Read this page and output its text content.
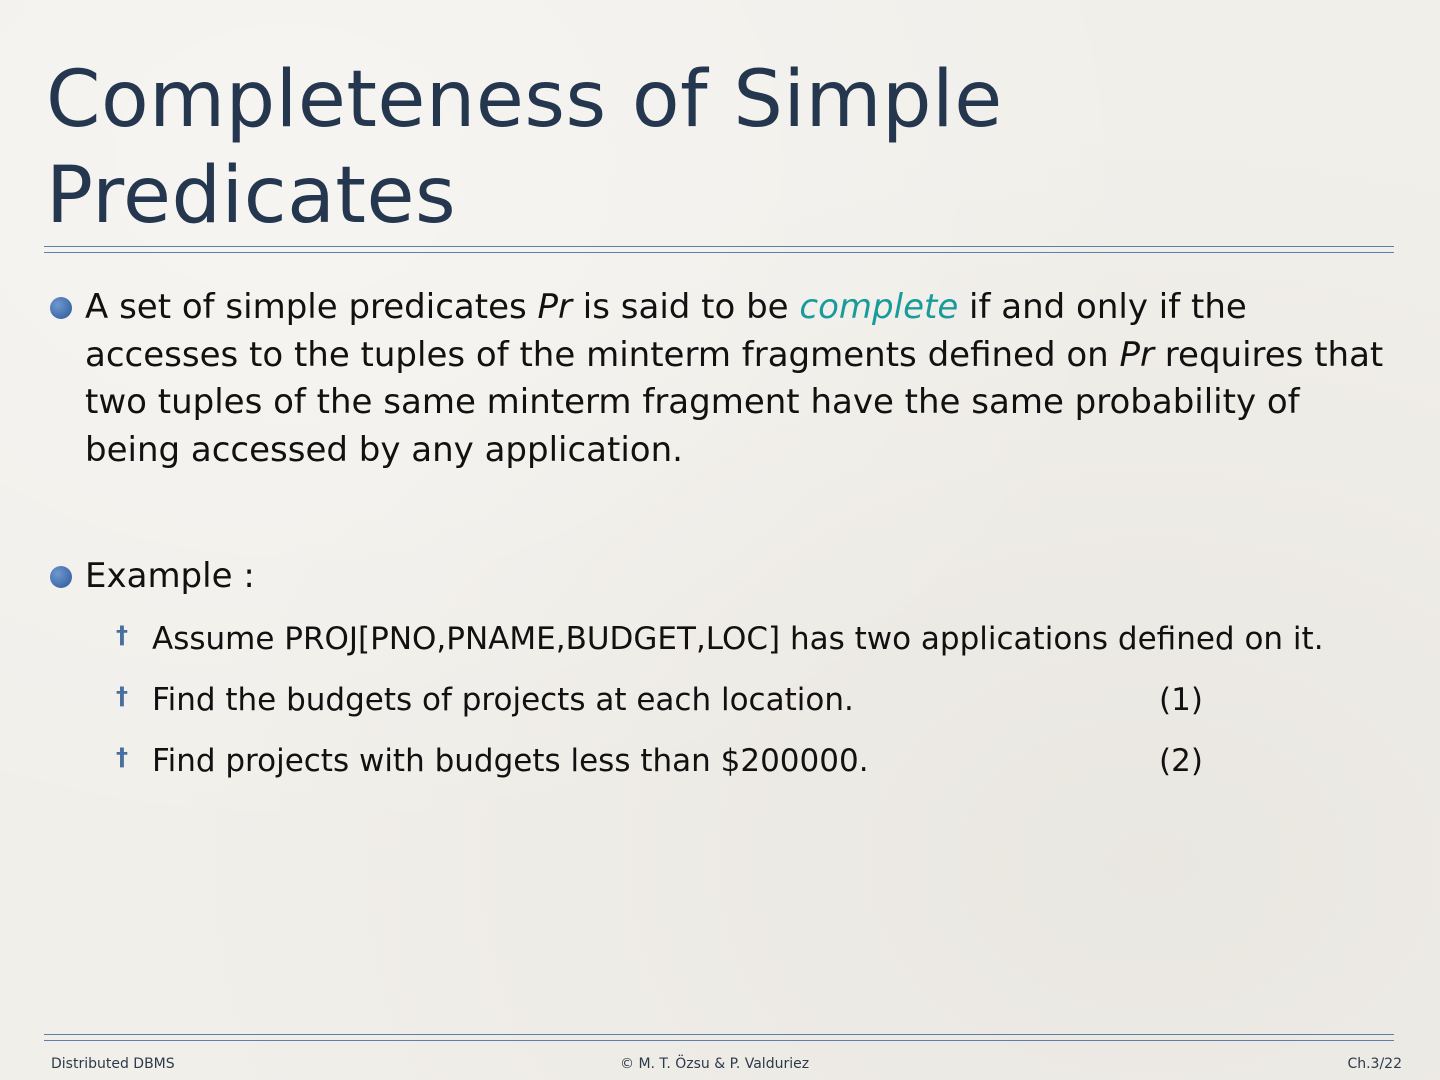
Completeness of Simple Predicates
A set of simple predicates Pr is said to be complete if and only if the accesses to the tuples of the minterm fragments defined on Pr requires that two tuples of the same minterm fragment have the same probability of being accessed by any application.
Example :
† Assume PROJ[PNO,PNAME,BUDGET,LOC] has two applications defined on it.
† Find the budgets of projects at each location.	(1)
† Find projects with budgets less than $200000.	(2)
Distributed DBMS	© M. T. Özsu & P. Valduriez	Ch.3/22
